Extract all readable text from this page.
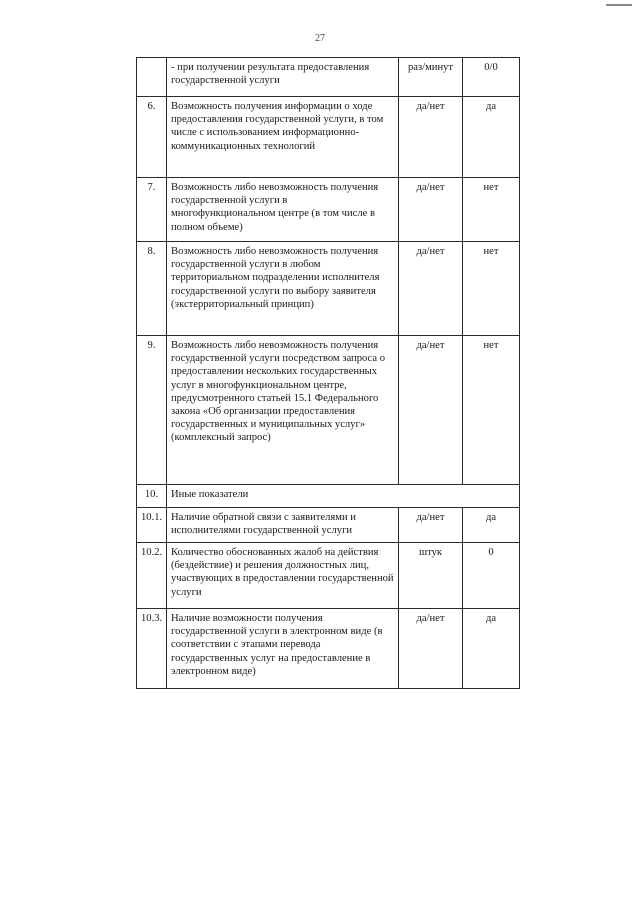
27
	- при получении результата предоставления государственной услуги	раз/минут	0/0
6.	Возможность получения информации о ходе предоставления государственной услуги, в том числе с использованием информационно-коммуникационных технологий	да/нет	да
7.	Возможность либо невозможность получения государственной услуги в многофункциональном центре (в том числе в полном объеме)	да/нет	нет
8.	Возможность либо невозможность получения государственной услуги в любом территориальном подразделении исполнителя государственной услуги по выбору заявителя (экстерриториальный принцип)	да/нет	нет
9.	Возможность либо невозможность получения государственной услуги посредством запроса о предоставлении нескольких государственных услуг в многофункциональном центре, предусмотренного статьей 15.1 Федерального закона «Об организации предоставления государственных и муниципальных услуг» (комплексный запрос)	да/нет	нет
10.	Иные показатели		
10.1.	Наличие обратной связи с заявителями и исполнителями государственной услуги	да/нет	да
10.2.	Количество обоснованных жалоб на действия (бездействие) и решения должностных лиц, участвующих в предоставлении государственной услуги	штук	0
10.3.	Наличие возможности получения государственной услуги в электронном виде (в соответствии с этапами перевода государственных услуг на предоставление в электронном виде)	да/нет	да
